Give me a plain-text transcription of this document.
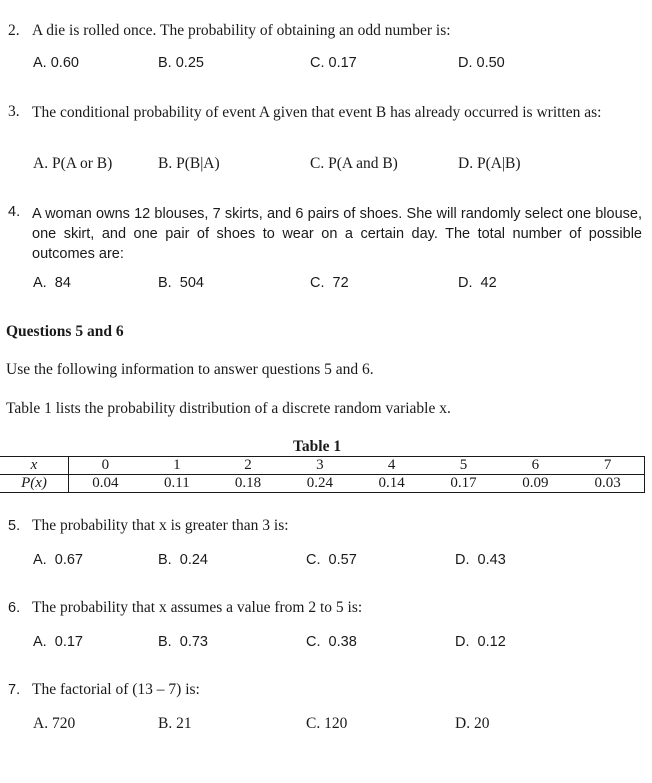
2. A die is rolled once. The probability of obtaining an odd number is:
A. 0.60	B. 0.25	C. 0.17	D. 0.50
3. The conditional probability of event A given that event B has already occurred is written as:
A. P(A or B)	B. P(B|A)	C. P(A and B)	D. P(A|B)
4. A woman owns 12 blouses, 7 skirts, and 6 pairs of shoes. She will randomly select one blouse, one skirt, and one pair of shoes to wear on a certain day. The total number of possible outcomes are:
A.  84	B.  504	C.  72	D.  42
Questions 5 and 6
Use the following information to answer questions 5 and 6.
Table 1 lists the probability distribution of a discrete random variable x.
Table 1
x	0	1	2	3	4	5	6	7
P(x)	0.04	0.11	0.18	0.24	0.14	0.17	0.09	0.03
5. The probability that x is greater than 3 is:
A.  0.67	B.  0.24	C.  0.57	D.  0.43
6. The probability that x assumes a value from 2 to 5 is:
A.  0.17	B.  0.73	C.  0.38	D.  0.12
7. The factorial of (13 – 7) is:
A. 720	B. 21	C. 120	D. 20
